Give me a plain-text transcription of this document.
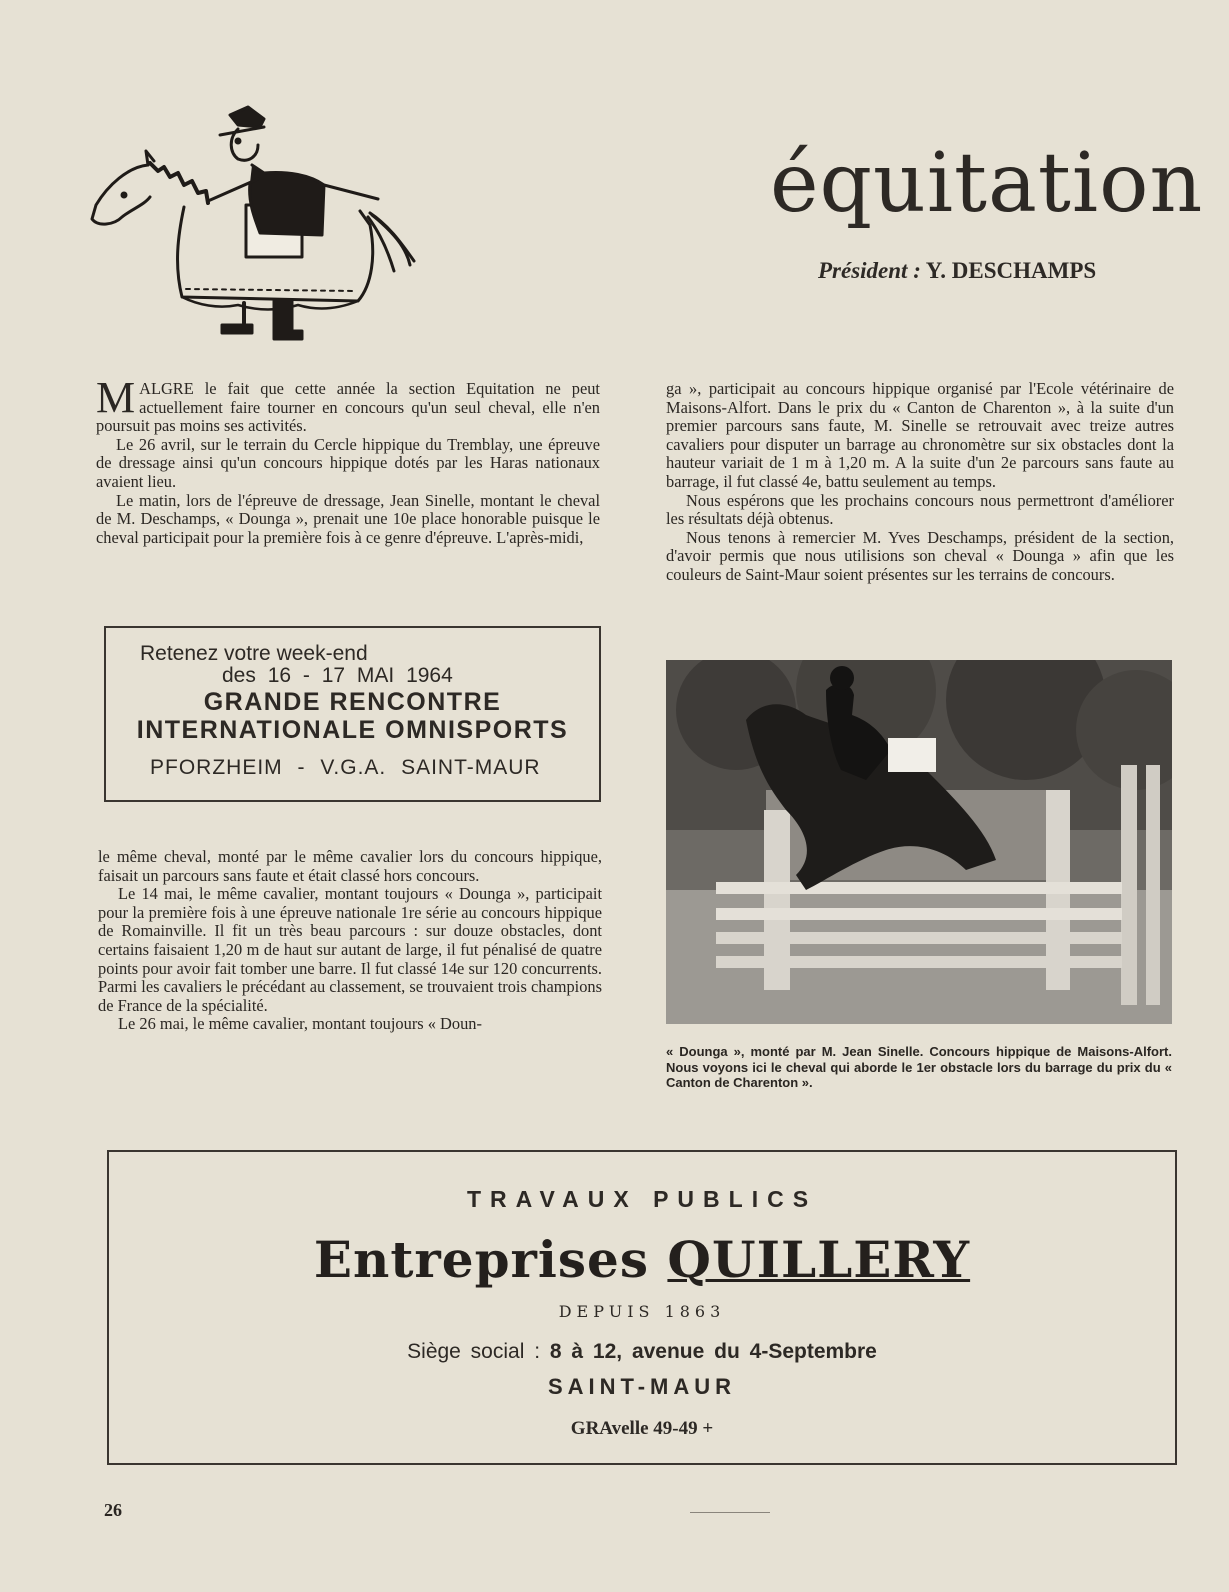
équitation
Président : Y. DESCHAMPS

MALGRE le fait que cette année la section Equitation ne peut actuellement faire tourner en concours qu'un seul cheval, elle n'en poursuit pas moins ses activités.

Le 26 avril, sur le terrain du Cercle hippique du Tremblay, une épreuve de dressage ainsi qu'un concours hippique dotés par les Haras nationaux avaient lieu.

Le matin, lors de l'épreuve de dressage, Jean Sinelle, montant le cheval de M. Deschamps, « Dounga », prenait une 10e place honorable puisque le cheval participait pour la première fois à ce genre d'épreuve. L'après-midi,

Retenez votre week-end
des 16 - 17 MAI 1964
GRANDE RENCONTRE
INTERNATIONALE OMNISPORTS
PFORZHEIM - V.G.A. SAINT-MAUR

le même cheval, monté par le même cavalier lors du concours hippique, faisait un parcours sans faute et était classé hors concours.

Le 14 mai, le même cavalier, montant toujours « Dounga », participait pour la première fois à une épreuve nationale 1re série au concours hippique de Romainville. Il fit un très beau parcours : sur douze obstacles, dont certains faisaient 1,20 m de haut sur autant de large, il fut pénalisé de quatre points pour avoir fait tomber une barre. Il fut classé 14e sur 120 concurrents. Parmi les cavaliers le précédant au classement, se trouvaient trois champions de France de la spécialité.

Le 26 mai, le même cavalier, montant toujours « Doun-

ga », participait au concours hippique organisé par l'Ecole vétérinaire de Maisons-Alfort. Dans le prix du « Canton de Charenton », à la suite d'un premier parcours sans faute, M. Sinelle se retrouvait avec treize autres cavaliers pour disputer un barrage au chronomètre sur six obstacles dont la hauteur variait de 1 m à 1,20 m. A la suite d'un 2e parcours sans faute au barrage, il fut classé 4e, battu seulement au temps.

Nous espérons que les prochains concours nous permettront d'améliorer les résultats déjà obtenus.

Nous tenons à remercier M. Yves Deschamps, président de la section, d'avoir permis que nous utilisions son cheval « Dounga » afin que les couleurs de Saint-Maur soient présentes sur les terrains de concours.

« Dounga », monté par M. Jean Sinelle. Concours hippique de Maisons-Alfort. Nous voyons ici le cheval qui aborde le 1er obstacle lors du barrage du prix du « Canton de Charenton ».
TRAVAUX PUBLICS
Entreprises QUILLERY
DEPUIS 1863
Siège social : 8 à 12, avenue du 4-Septembre
SAINT-MAUR
GRAvelle 49-49 +
26
